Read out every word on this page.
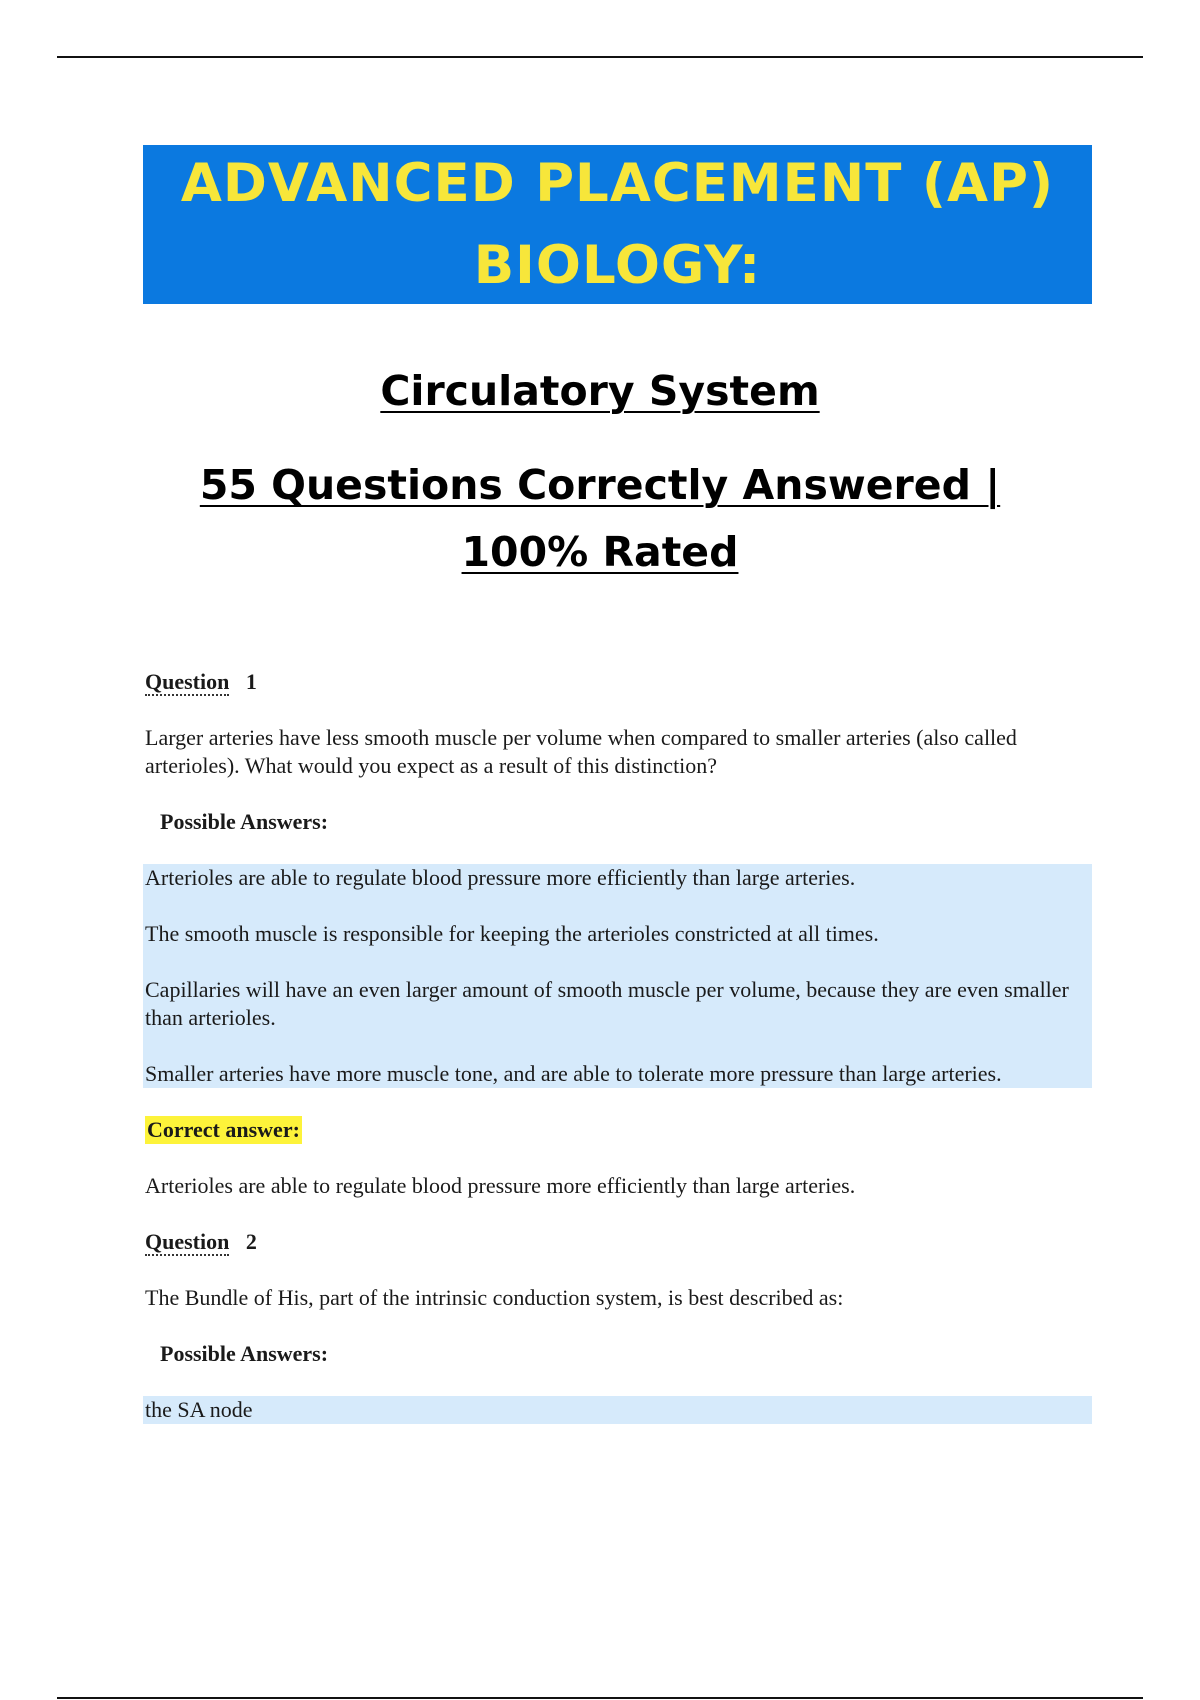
ADVANCED PLACEMENT (AP)
BIOLOGY:
Circulatory System
55 Questions Correctly Answered |
100% Rated

Question 1

Larger arteries have less smooth muscle per volume when compared to smaller arteries (also called arterioles). What would you expect as a result of this distinction?

Possible Answers:

Arterioles are able to regulate blood pressure more efficiently than large arteries.

The smooth muscle is responsible for keeping the arterioles constricted at all times.

Capillaries will have an even larger amount of smooth muscle per volume, because they are even smaller than arterioles.

Smaller arteries have more muscle tone, and are able to tolerate more pressure than large arteries.

Correct answer:

Arterioles are able to regulate blood pressure more efficiently than large arteries.

Question 2

The Bundle of His, part of the intrinsic conduction system, is best described as:

Possible Answers:

the SA node
